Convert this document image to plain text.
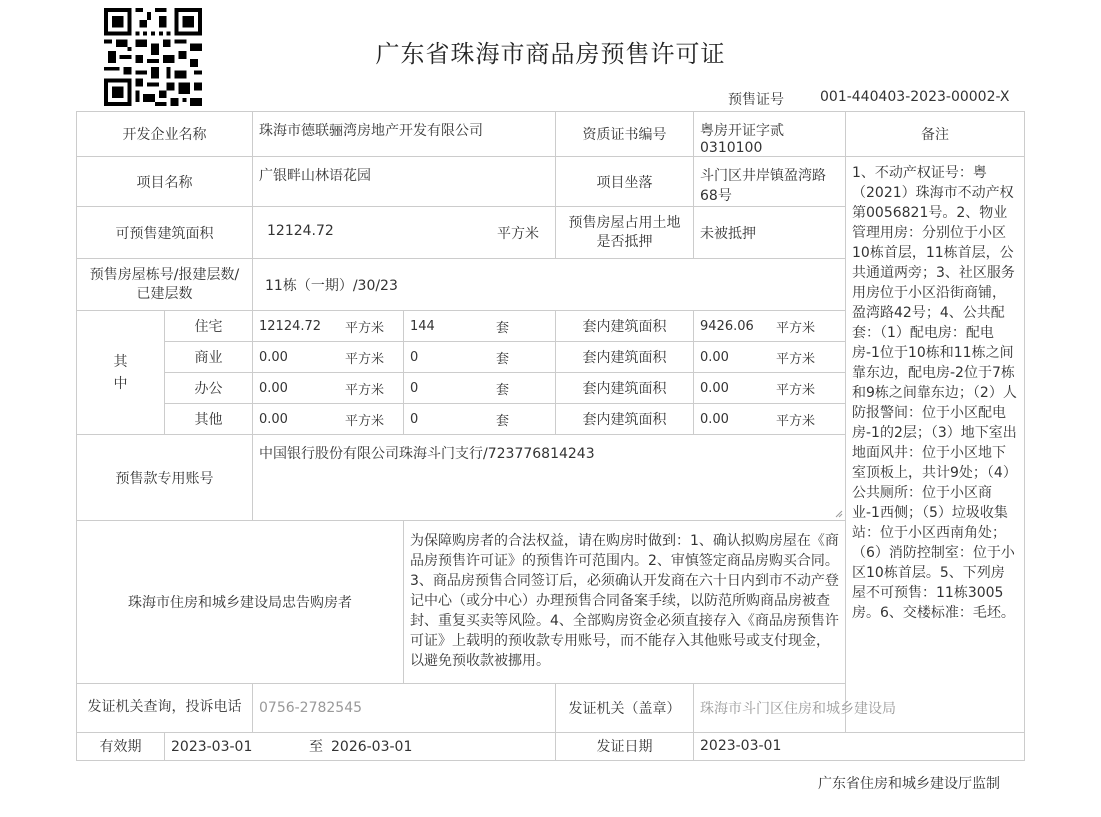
广东省珠海市商品房预售许可证
预售证号	001-440403-2023-00002-X
开发企业名称		珠海市德联骊湾房地产开发有限公司		资质证书编号	粤房开证字贰0310100	备注
项目名称		广银畔山林语花园		项目坐落	斗门区井岸镇盈湾路68号	1、不动产权证号：粤（2021）珠海市不动产权第0056821号。2、物业管理用房：分别位于小区10栋首层，11栋首层，公共通道两旁；3、社区服务用房位于小区沿街商铺，盈湾路42号；4、公共配套：（1）配电房：配电房-1位于10栋和11栋之间靠东边，配电房-2位于7栋和9栋之间靠东边；（2）人防报警间：位于小区配电房-1的2层；（3）地下室出地面风井：位于小区地下室顶板上，共计9处；（4）公共厕所：位于小区商业-1西侧；（5）垃圾收集站：位于小区西南角处；（6）消防控制室：位于小区10栋首层。5、下列房屋不可预售：11栋3005房。6、交楼标准：毛坯。
可预售建筑面积		12124.72 平方米		预售房屋占用土地是否抵押	未被抵押	
预售房屋栋号/报建层数/已建层数		11栋（一期）/30/23				
其中	住宅	12124.72 平方米	144 套	套内建筑面积	9426.06 平方米	

	商业	0.00 平方米	0 套	套内建筑面积	0.00 平方米	

	办公	0.00 平方米	0 套	套内建筑面积	0.00 平方米	

	其他	0.00 平方米	0 套	套内建筑面积	0.00 平方米	

预售款专用账号		中国银行股份有限公司珠海斗门支行/723776814243				

珠海市住房和城乡建设局忠告购房者			为保障购房者的合法权益，请在购房时做到：1、确认拟购房屋在《商品房预售许可证》的预售许可范围内。2、审慎签定商品房购买合同。3、商品房预售合同签订后，必须确认开发商在六十日内到市不动产登记中心（或分中心）办理预售合同备案手续，以防范所购商品房被查封、重复买卖等风险。4、全部购房资金必须直接存入《商品房预售许可证》上载明的预收款专用账号，而不能存入其他账号或支付现金，以避免预收款被挪用。			
发证机关查询，投诉电话		0756-2782545		发证机关（盖章）	珠海市斗门区住房和城乡建设局	
有效期	2023-03-01 至 2026-03-01			发证日期	2023-03-01	
广东省住房和城乡建设厅监制
